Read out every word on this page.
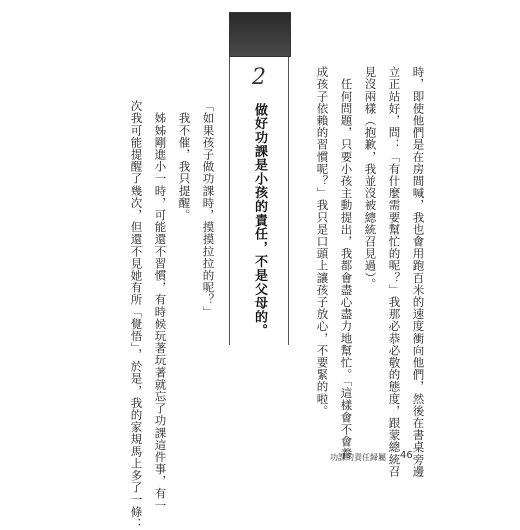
時，即使他們是在房間喊，我也會用跑百米的速度衝向他們，然後在書桌旁邊
立正站好，問：「有什麼需要幫忙的呢？」我那必恭必敬的態度，跟蒙總統召
見沒兩樣（抱歉，我並沒被總統召見過）。
　任何問題，只要小孩主動提出，我都會盡心盡力地幫忙。「這樣會不會養
成孩子依賴的習慣呢？」我只是口頭上讓孩子放心，不要緊的啦。
2
做好功課是小孩的責任，不是父母的。
「如果孩子做功課時，摸摸拉拉的呢？」
　我不催，我只提醒。
　姊姊剛進小一時，可能還不習慣，有時候玩著玩著就忘了功課這件事，有一
次我可能提醒了幾次，但還不見她有所「覺悟」，於是，我的家規馬上多了一條：	功課的責任歸屬 46
